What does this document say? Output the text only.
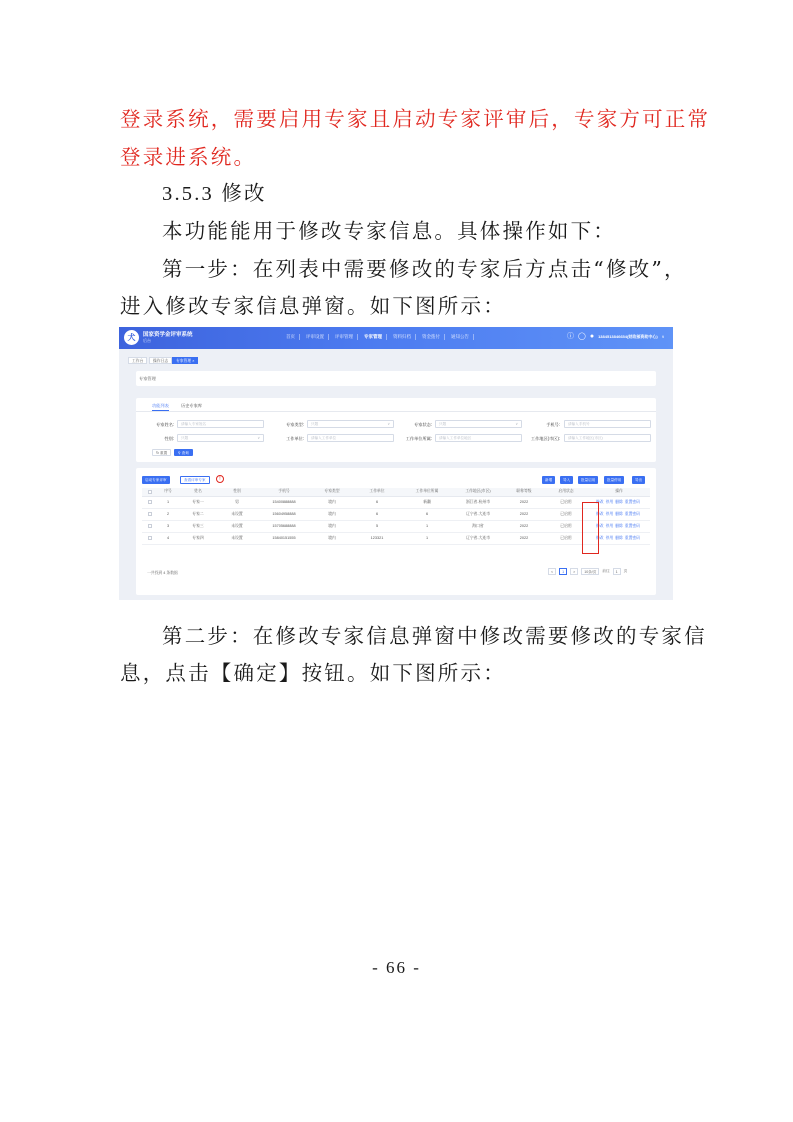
登录系统，需要启用专家且启动专家评审后，专家方可正常
登录进系统。
3.5.3 修改
本功能能用于修改专家信息。具体操作如下：
第一步：在列表中需要修改的专家后方点击“修改”，
进入修改专家信息弹窗。如下图所示：
第二步：在修改专家信息弹窗中修改需要修改的专家信
息，点击【确定】按钮。如下图所示：
- 66 -
犬	国家资学金评审系统
后台
首页	评审设置	评审管理	专家管理	资料归档	资金拨付	通知公告	ⓘ ◯ ● 1384513846654(财政部资助中心) ∨
工作台	操作日志	专家管理 ×
专家管理
功能列表	历史专家库
专家姓名:	请输入专家姓名	专家类型:	只限	∨	专家状态:	只限	∨	手机号:	请输入手机号
性别:	只限	∨	工作单位:	请输入工作单位	工作单位所属:	请输入工作单位地区	工作地区(市区):	请输入工作地区(市区)
↻ 重置	⚲ 查询
启动专家评审	查看评审专家	!	新增	导入	批量启用	批量停用	导出
	序号	姓名	性别	手机号	专家类型	工作单位	工作单位所属	工作地区(市区)	职称等级	启用状态	操作
	1	专家一	男	15400888888	境内	6	新疆	浙江省-杭州市	2022	已启用	修改 停用 删除 重置密码
	2	专家二	未设置	15604958888	境内	6	6	辽宁省-大连市	2022	已启用	修改 停用 删除 重置密码
	3	专家三	未设置	15705688888	境内	5	1	海口省	2022	已启用	修改 停用 删除 重置密码
	4	专家四	未设置	15840151555	境内	123321	1	辽宁省-大连市	2022	已启用	修改 停用 删除 重置密码
一共找到 4 条数据	<	1	>	10条/页	前往	1	页
